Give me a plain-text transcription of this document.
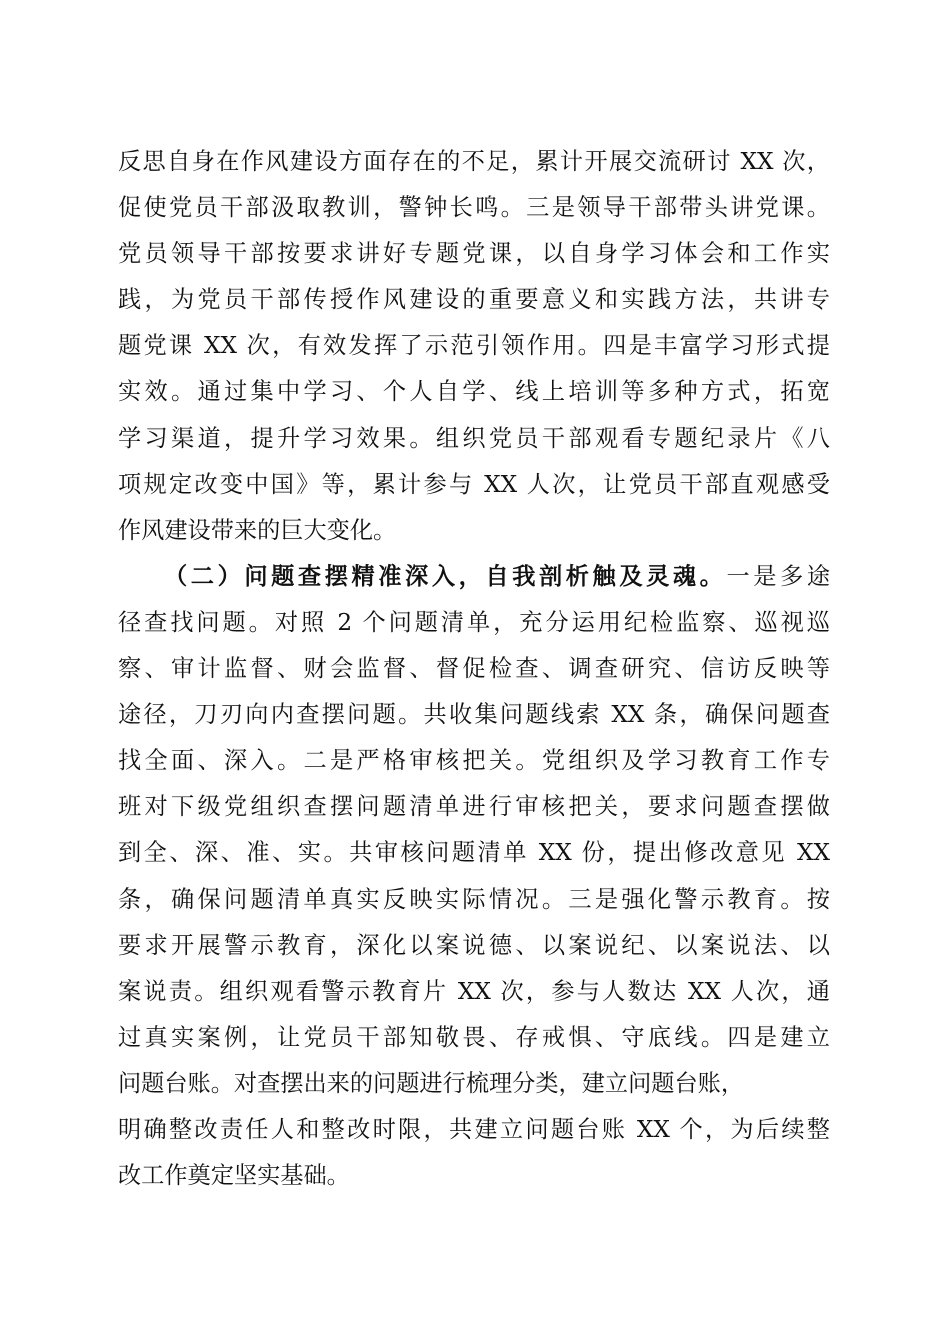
反思自身在作风建设方面存在的不足，累计开展交流研讨 XX 次，
促使党员干部汲取教训，警钟长鸣。三是领导干部带头讲党课。
党员领导干部按要求讲好专题党课，以自身学习体会和工作实
践，为党员干部传授作风建设的重要意义和实践方法，共讲专
题党课 XX 次，有效发挥了示范引领作用。四是丰富学习形式提
实效。通过集中学习、个人自学、线上培训等多种方式，拓宽
学习渠道，提升学习效果。组织党员干部观看专题纪录片《八
项规定改变中国》等，累计参与 XX 人次，让党员干部直观感受
作风建设带来的巨大变化。
（二）问题查摆精准深入，自我剖析触及灵魂。一是多途
径查找问题。对照 2 个问题清单，充分运用纪检监察、巡视巡
察、审计监督、财会监督、督促检查、调查研究、信访反映等
途径，刀刃向内查摆问题。共收集问题线索 XX 条，确保问题查
找全面、深入。二是严格审核把关。党组织及学习教育工作专
班对下级党组织查摆问题清单进行审核把关，要求问题查摆做
到全、深、准、实。共审核问题清单 XX 份，提出修改意见 XX
条，确保问题清单真实反映实际情况。三是强化警示教育。按
要求开展警示教育，深化以案说德、以案说纪、以案说法、以
案说责。组织观看警示教育片 XX 次，参与人数达 XX 人次，通
过真实案例，让党员干部知敬畏、存戒惧、守底线。四是建立
问题台账。对查摆出来的问题进行梳理分类，建立问题台账，
明确整改责任人和整改时限，共建立问题台账 XX 个，为后续整
改工作奠定坚实基础。
